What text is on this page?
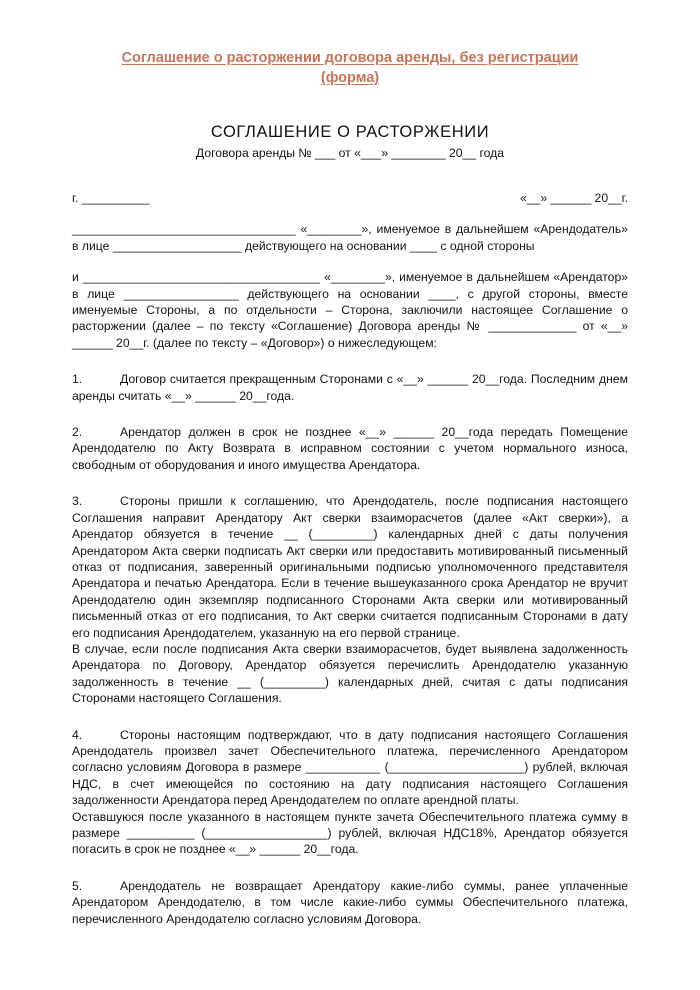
Соглашение о расторжении договора аренды, без регистрации
(форма)
СОГЛАШЕНИЕ О РАСТОРЖЕНИИ
Договора аренды № ___ от «___» ________ 20__ года
г. __________	«__» ______ 20__г.

_________________________________ «________», именуемое в дальнейшем «Арендодатель» в лице ___________________ действующего на основании ____ с одной стороны

и ___________________________________ «________», именуемое в дальнейшем «Арендатор» в лице _________________ действующего на основании ____, с другой стороны, вместе именуемые Стороны, а по отдельности – Сторона, заключили настоящее Соглашение о расторжении (далее – по тексту «Соглашение) Договора аренды № _____________ от «__» ______ 20__г. (далее по тексту – «Договор») о нижеследующем:

1.	Договор считается прекращенным Сторонами с «__» ______ 20__года. Последним днем аренды считать «__» ______ 20__года.

2.	Арендатор должен в срок не позднее «__» ______ 20__года передать Помещение Арендодателю по Акту Возврата в исправном состоянии с учетом нормального износа, свободным от оборудования и иного имущества Арендатора.

3.	Стороны пришли к соглашению, что Арендодатель, после подписания настоящего Соглашения направит Арендатору Акт сверки взаиморасчетов (далее «Акт сверки»), а Арендатор обязуется в течение __ (_________) календарных дней с даты получения Арендатором Акта сверки подписать Акт сверки или предоставить мотивированный письменный отказ от подписания, заверенный оригинальными подписью уполномоченного представителя Арендатора и печатью Арендатора. Если в течение вышеуказанного срока Арендатор не вручит Арендодателю один экземпляр подписанного Сторонами Акта сверки или мотивированный письменный отказ от его подписания, то Акт сверки считается подписанным Сторонами в дату его подписания Арендодателем, указанную на его первой странице.

В случае, если после подписания Акта сверки взаиморасчетов, будет выявлена задолженность Арендатора по Договору, Арендатор обязуется перечислить Арендодателю указанную задолженность в течение __ (_________) календарных дней, считая с даты подписания Сторонами настоящего Соглашения.

4.	Стороны настоящим подтверждают, что в дату подписания настоящего Соглашения Арендодатель произвел зачет Обеспечительного платежа, перечисленного Арендатором согласно условиям Договора в размере ___________ (____________________) рублей, включая НДС, в счет имеющейся по состоянию на дату подписания настоящего Соглашения задолженности Арендатора перед Арендодателем по оплате арендной платы.

Оставшуюся после указанного в настоящем пункте зачета Обеспечительного платежа сумму в размере __________ (__________________) рублей, включая НДС18%, Арендатор обязуется погасить в срок не позднее «__» ______ 20__года.

5.	Арендодатель не возвращает Арендатору какие-либо суммы, ранее уплаченные Арендатором Арендодателю, в том числе какие-либо суммы Обеспечительного платежа, перечисленного Арендодателю согласно условиям Договора.
